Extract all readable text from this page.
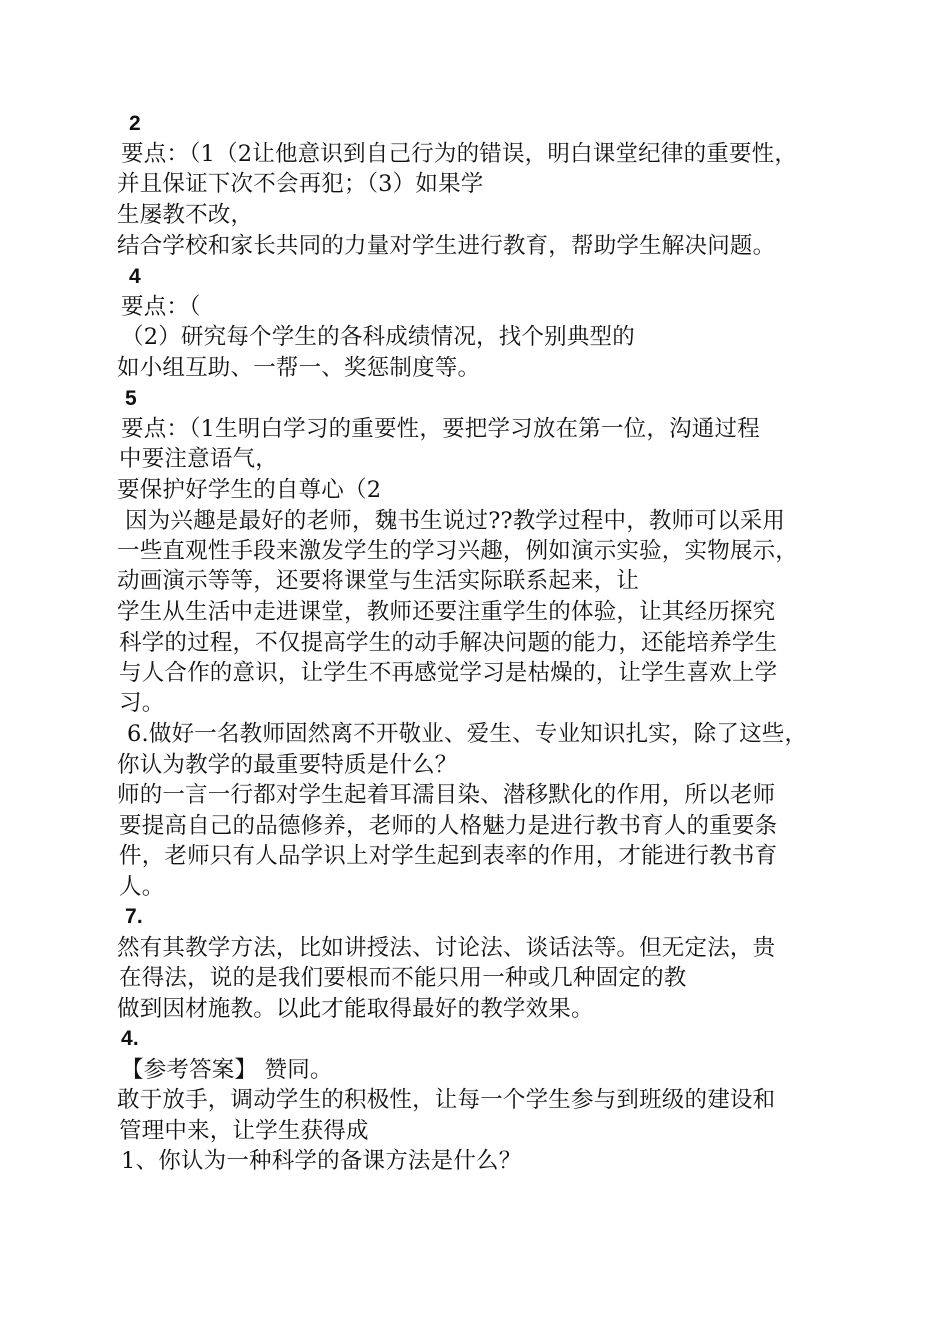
2
要点：（1（2让他意识到自己行为的错误，明白课堂纪律的重要性，
并且保证下次不会再犯；（3）如果学
生屡教不改，
结合学校和家长共同的力量对学生进行教育，帮助学生解决问题。
4
要点：（
（2）研究每个学生的各科成绩情况，找个别典型的
如小组互助、一帮一、奖惩制度等。
5
要点：（1生明白学习的重要性，要把学习放在第一位，沟通过程
中要注意语气，
要保护好学生的自尊心（2
因为兴趣是最好的老师，魏书生说过??教学过程中，教师可以采用
一些直观性手段来激发学生的学习兴趣，例如演示实验，实物展示，
动画演示等等，还要将课堂与生活实际联系起来，让
学生从生活中走进课堂，教师还要注重学生的体验，让其经历探究
科学的过程，不仅提高学生的动手解决问题的能力，还能培养学生
与人合作的意识，让学生不再感觉学习是枯燥的，让学生喜欢上学
习。
6.做好一名教师固然离不开敬业、爱生、专业知识扎实，除了这些，
你认为教学的最重要特质是什么？
师的一言一行都对学生起着耳濡目染、潜移默化的作用，所以老师
要提高自己的品德修养，老师的人格魅力是进行教书育人的重要条
件，老师只有人品学识上对学生起到表率的作用，才能进行教书育
人。
7.
然有其教学方法，比如讲授法、讨论法、谈话法等。但无定法，贵
在得法，说的是我们要根而不能只用一种或几种固定的教
做到因材施教。以此才能取得最好的教学效果。
4.
【参考答案】 赞同。
敢于放手，调动学生的积极性，让每一个学生参与到班级的建设和
管理中来，让学生获得成
1、你认为一种科学的备课方法是什么？
